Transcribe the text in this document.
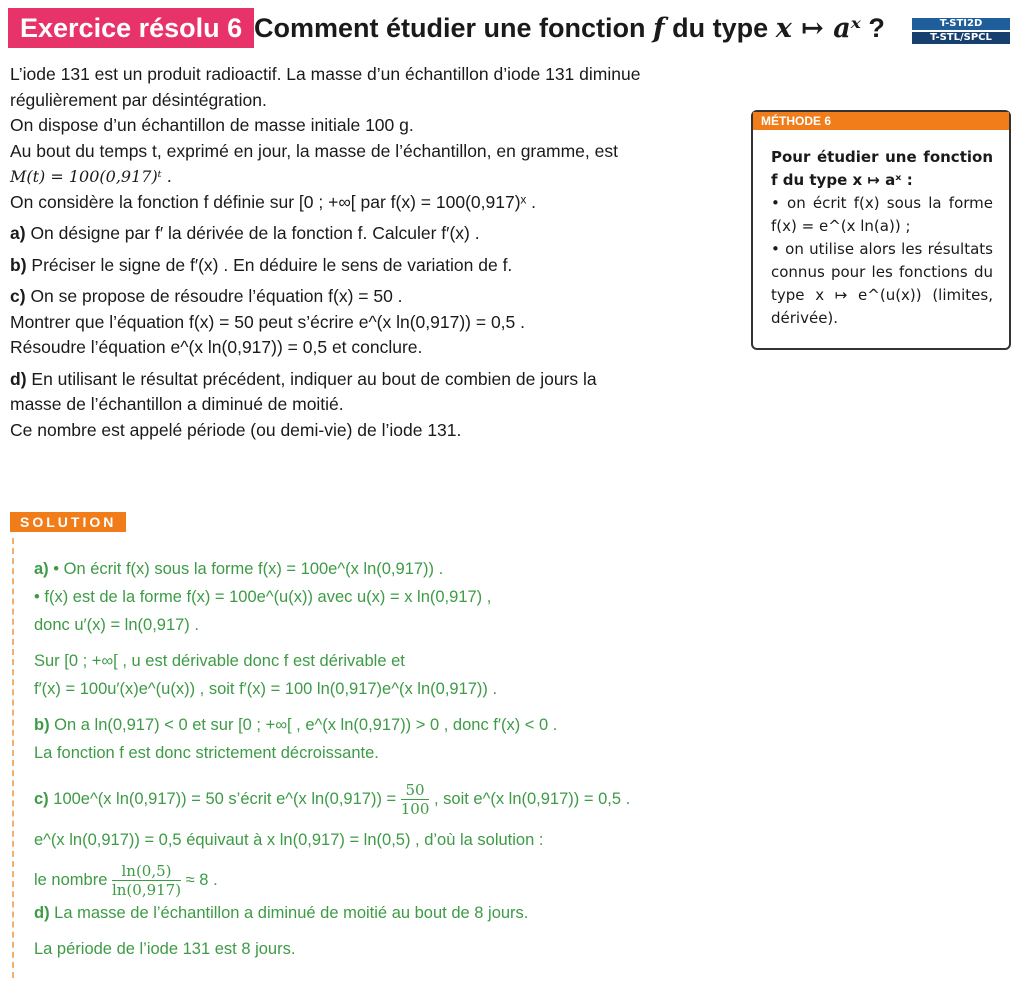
Exercice résolu 6 Comment étudier une fonction f du type x ↦ aˣ ?	T-STI2D
T-STL/SPCL

L’iode 131 est un produit radioactif. La masse d’un échantillon d’iode 131 diminue

régulièrement par désintégration.

On dispose d’un échantillon de masse initiale 100 g.

Au bout du temps t, exprimé en jour, la masse de l’échantillon, en gramme, est

M(t) = 100(0,917)ᵗ .

On considère la fonction f définie sur [0 ; +∞[ par f(x) = 100(0,917)ˣ .

a) On désigne par f′ la dérivée de la fonction f. Calculer f′(x) .

b) Préciser le signe de f′(x) . En déduire le sens de variation de f.

c) On se propose de résoudre l’équation f(x) = 50 .

Montrer que l’équation f(x) = 50 peut s’écrire e^(x ln(0,917)) = 0,5 .

Résoudre l’équation e^(x ln(0,917)) = 0,5 et conclure.

d) En utilisant le résultat précédent, indiquer au bout de combien de jours la

masse de l’échantillon a diminué de moitié.

Ce nombre est appelé période (ou demi-vie) de l’iode 131.

MÉTHODE 6
Pour étudier une fonction f du type x ↦ aˣ :
• on écrit f(x) sous la forme f(x) = e^(x ln(a)) ;
• on utilise alors les résultats connus pour les fonctions du type x ↦ e^(u(x)) (limites, dérivée).
SOLUTION

a) • On écrit f(x) sous la forme f(x) = 100e^(x ln(0,917)) .

• f(x) est de la forme f(x) = 100e^(u(x)) avec u(x) = x ln(0,917) ,

donc u′(x) = ln(0,917) .

Sur [0 ; +∞[ , u est dérivable donc f est dérivable et

f′(x) = 100u′(x)e^(u(x)) , soit f′(x) = 100 ln(0,917)e^(x ln(0,917)) .

b) On a ln(0,917) < 0 et sur [0 ; +∞[ , e^(x ln(0,917)) > 0 , donc f′(x) < 0 .

La fonction f est donc strictement décroissante.

c) 100e^(x ln(0,917)) = 50 s’écrit e^(x $\ln(0,917)) = \frac{50}{100}$ , soit e^(x ln(0,917)) = 0,5 .

e^(x ln(0,917)) = 0,5 équivaut à x ln(0,917) = ln(0,5) , d’où la solution :

le nombre $\frac{\ln(0,5)}{\ln(0,917)} \approx 8$ .

d) La masse de l’échantillon a diminué de moitié au bout de 8 jours.

La période de l’iode 131 est 8 jours.
